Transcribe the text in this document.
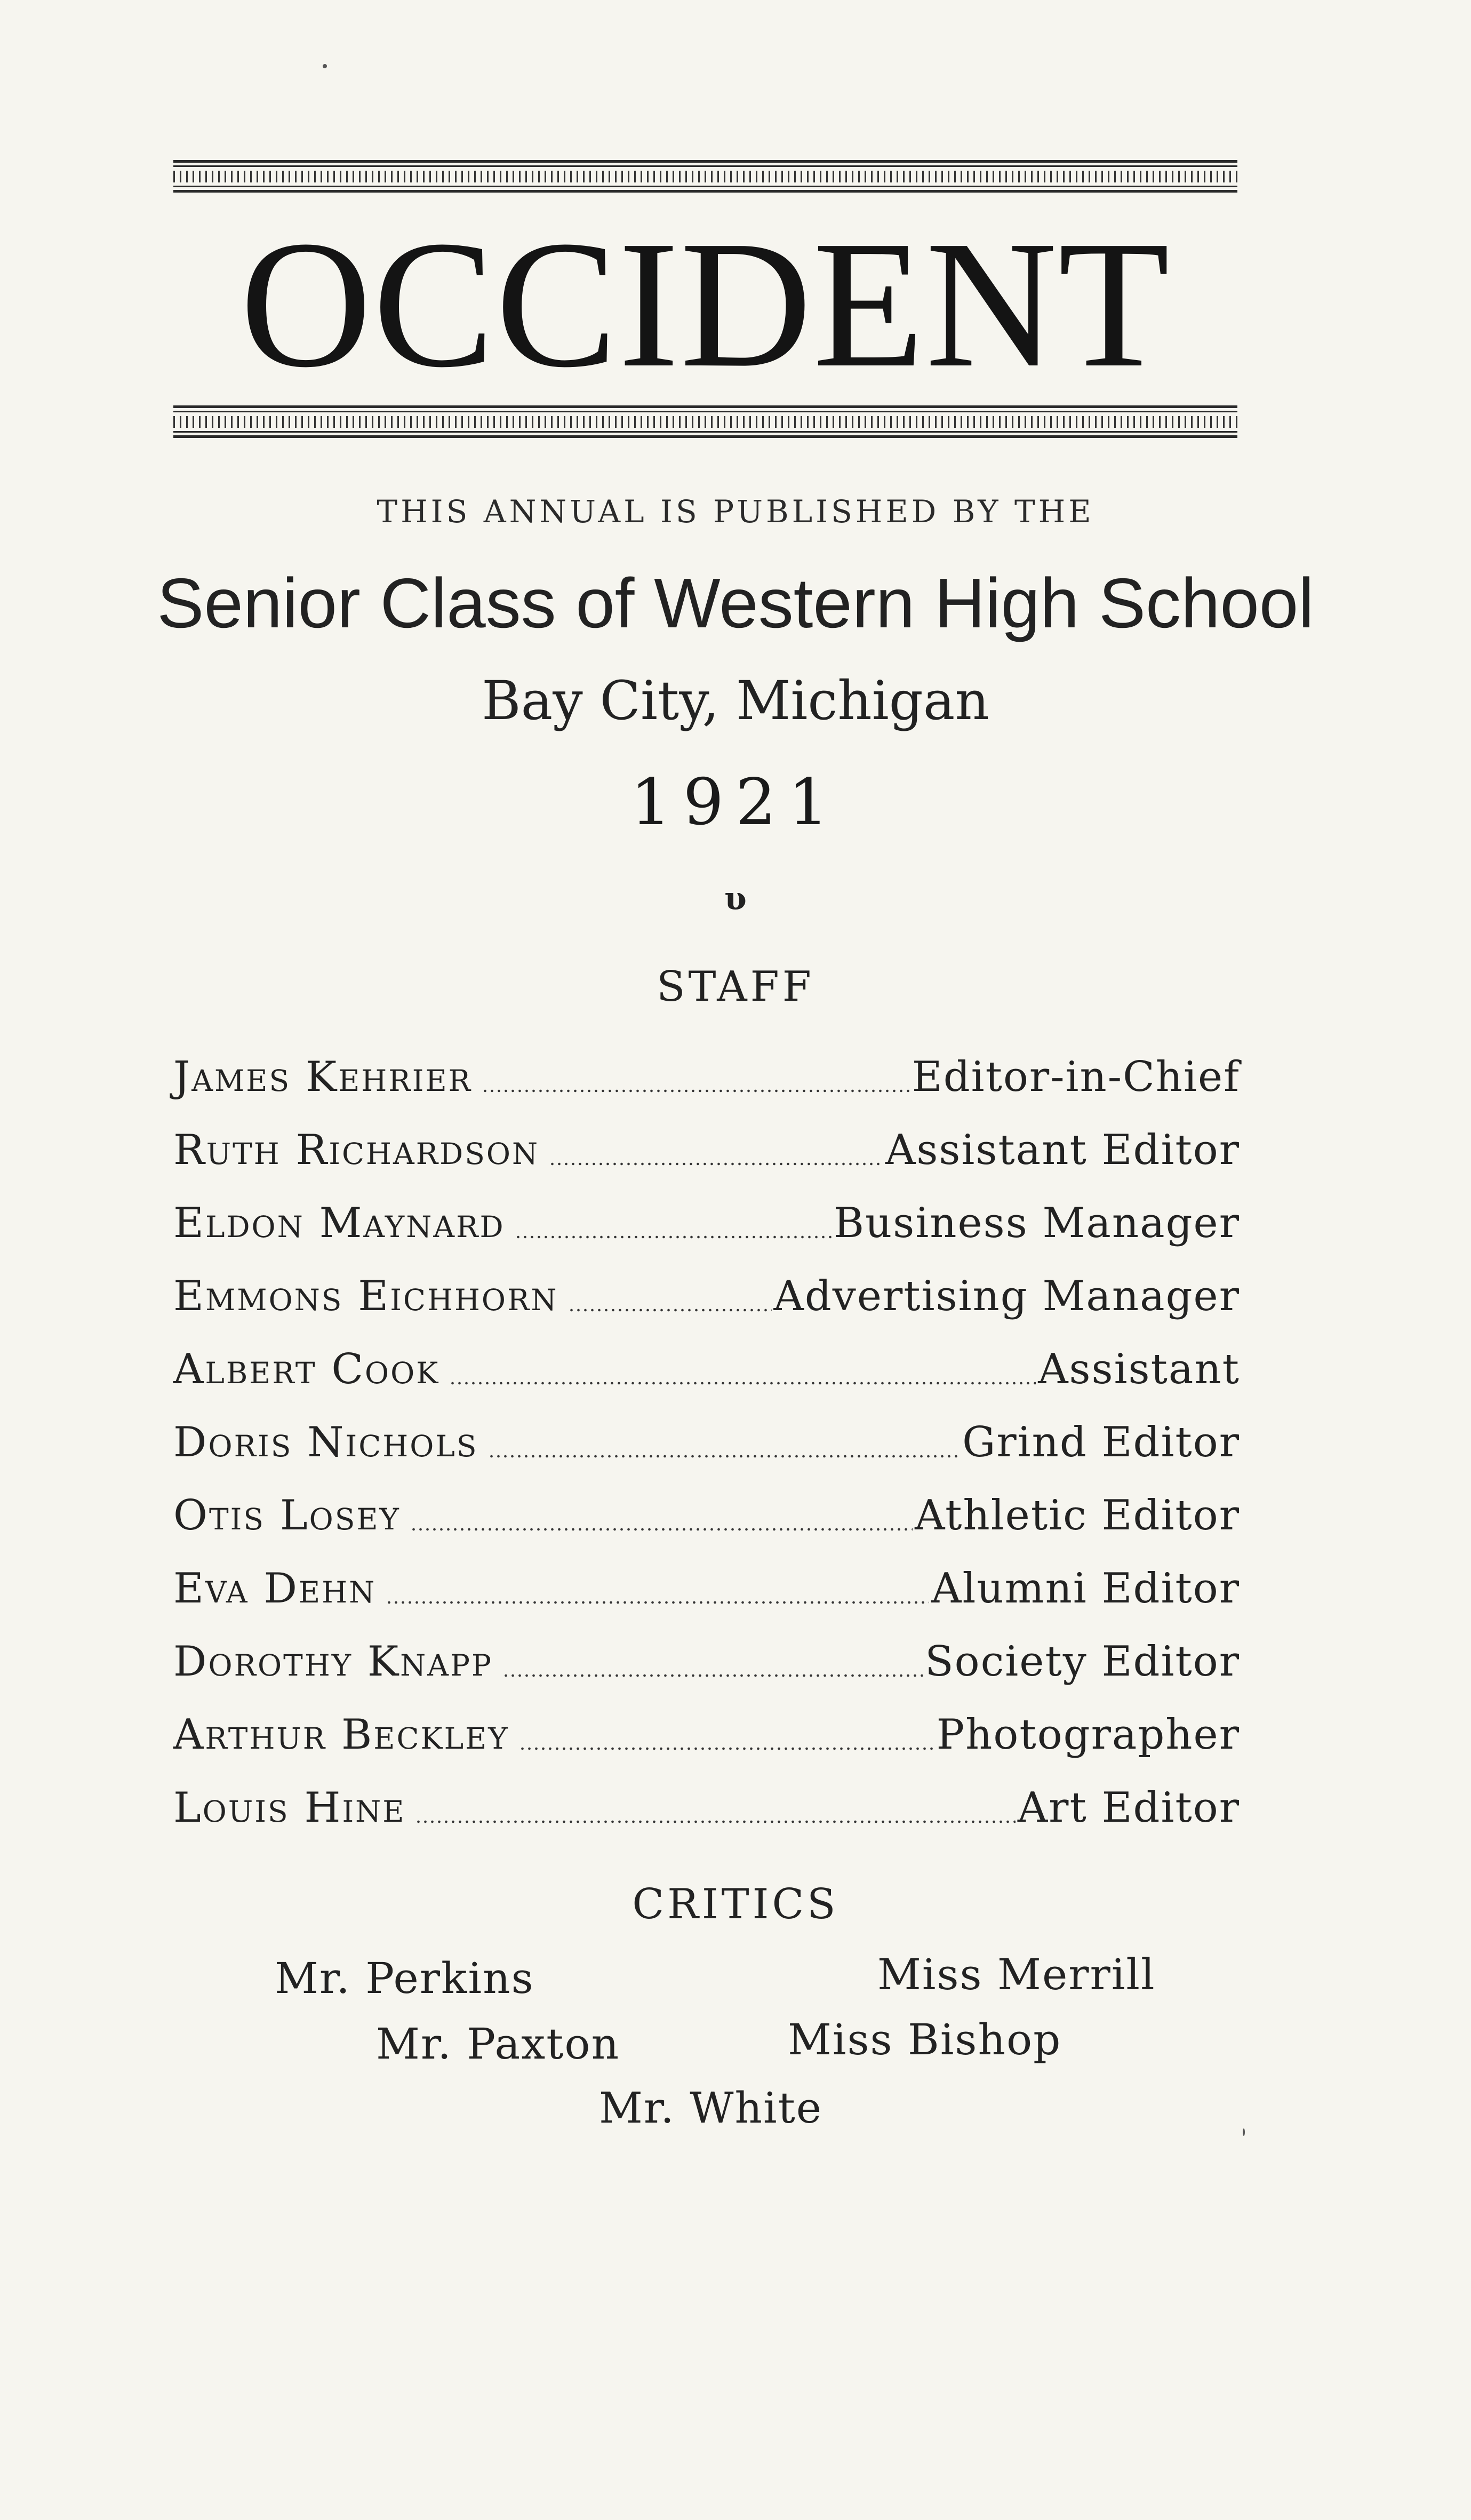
OCCIDENT
THIS ANNUAL IS PUBLISHED BY THE
Senior Class of Western High School
Bay City, Michigan
1921
υ
STAFF
James Kehrier	Editor-in-Chief
Ruth Richardson	Assistant Editor
Eldon Maynard	Business Manager
Emmons Eichhorn	Advertising Manager
Albert Cook	Assistant
Doris Nichols	Grind Editor
Otis Losey	Athletic Editor
Eva Dehn	Alumni Editor
Dorothy Knapp	Society Editor
Arthur Beckley	Photographer
Louis Hine	Art Editor
CRITICS
Mr. Perkins	Miss Merrill
Mr. Paxton	Miss Bishop
Mr. White
